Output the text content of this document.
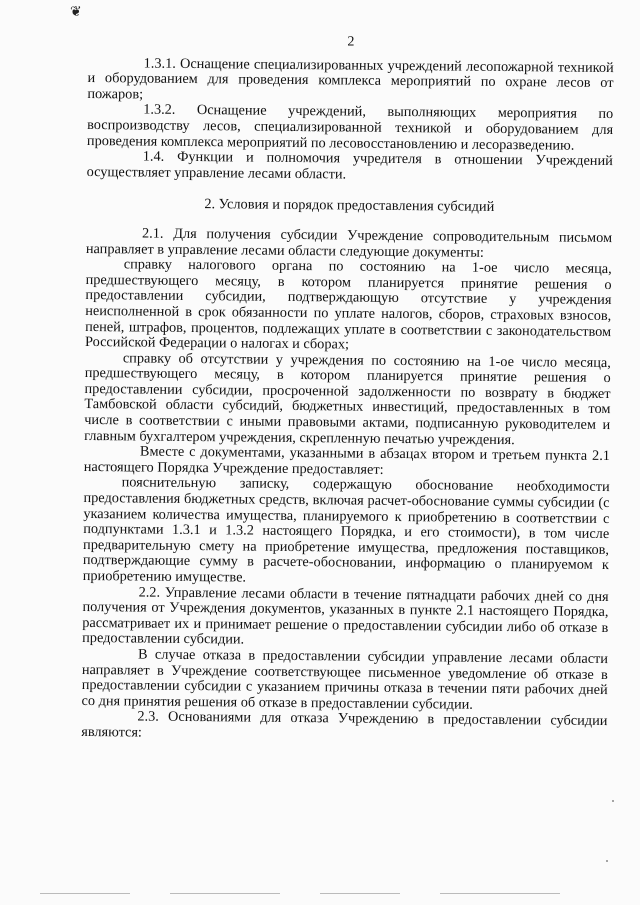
❦
2

1.3.1. Оснащение специализированных учреждений лесопожарной техникой и оборудованием для проведения комплекса мероприятий по охране лесов от пожаров;

1.3.2. Оснащение учреждений, выполняющих мероприятия по воспроизводству лесов, специализированной техникой и оборудованием для проведения комплекса мероприятий по лесовосстановлению и лесоразведению.

1.4. Функции и полномочия учредителя в отношении Учреждений осуществляет управление лесами области.

2. Условия и порядок предоставления субсидий

2.1. Для получения субсидии Учреждение сопроводительным письмом направляет в управление лесами области следующие документы:

справку налогового органа по состоянию на 1-ое число месяца, предшествующего месяцу, в котором планируется принятие решения о предоставлении субсидии, подтверждающую отсутствие у учреждения неисполненной в срок обязанности по уплате налогов, сборов, страховых взносов, пеней, штрафов, процентов, подлежащих уплате в соответствии с законодательством Российской Федерации о налогах и сборах;

справку об отсутствии у учреждения по состоянию на 1-ое число месяца, предшествующего месяцу, в котором планируется принятие решения о предоставлении субсидии, просроченной задолженности по возврату в бюджет Тамбовской области субсидий, бюджетных инвестиций, предоставленных в том числе в соответствии с иными правовыми актами, подписанную руководителем и главным бухгалтером учреждения, скрепленную печатью учреждения.

Вместе с документами, указанными в абзацах втором и третьем пункта 2.1 настоящего Порядка Учреждение предоставляет:

пояснительную записку, содержащую обоснование необходимости предоставления бюджетных средств, включая расчет-обоснование суммы субсидии (с указанием количества имущества, планируемого к приобретению в соответствии с подпунктами 1.3.1 и 1.3.2 настоящего Порядка, и его стоимости), в том числе предварительную смету на приобретение имущества, предложения поставщиков, подтверждающие сумму в расчете-обосновании, информацию о планируемом к приобретению имуществе.

2.2. Управление лесами области в течение пятнадцати рабочих дней со дня получения от Учреждения документов, указанных в пункте 2.1 настоящего Порядка, рассматривает их и принимает решение о предоставлении субсидии либо об отказе в предоставлении субсидии.

В случае отказа в предоставлении субсидии управление лесами области направляет в Учреждение соответствующее письменное уведомление об отказе в предоставлении субсидии с указанием причины отказа в течении пяти рабочих дней со дня принятия решения об отказе в предоставлении субсидии.

2.3. Основаниями для отказа Учреждению в предоставлении субсидии являются:
